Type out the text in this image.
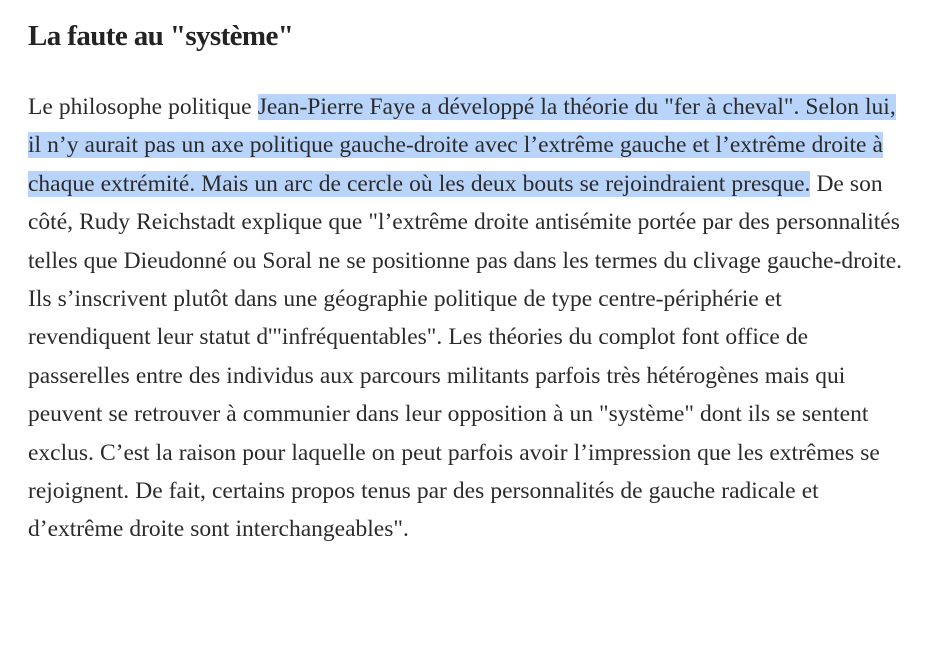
La faute au "système"

Le philosophe politique Jean-Pierre Faye a développé la théorie du "fer à cheval". Selon lui, il n’y aurait pas un axe politique gauche-droite avec l’extrême gauche et l’extrême droite à chaque extrémité. Mais un arc de cercle où les deux bouts se rejoindraient presque. De son côté, Rudy Reichstadt explique que "l’extrême droite antisémite portée par des personnalités telles que Dieudonné ou Soral ne se positionne pas dans les termes du clivage gauche-droite. Ils s’inscrivent plutôt dans une géographie politique de type centre-périphérie et revendiquent leur statut d'"infréquentables". Les théories du complot font office de passerelles entre des individus aux parcours militants parfois très hétérogènes mais qui peuvent se retrouver à communier dans leur opposition à un "système" dont ils se sentent exclus. C’est la raison pour laquelle on peut parfois avoir l’impression que les extrêmes se rejoignent. De fait, certains propos tenus par des personnalités de gauche radicale et d’extrême droite sont interchangeables".
